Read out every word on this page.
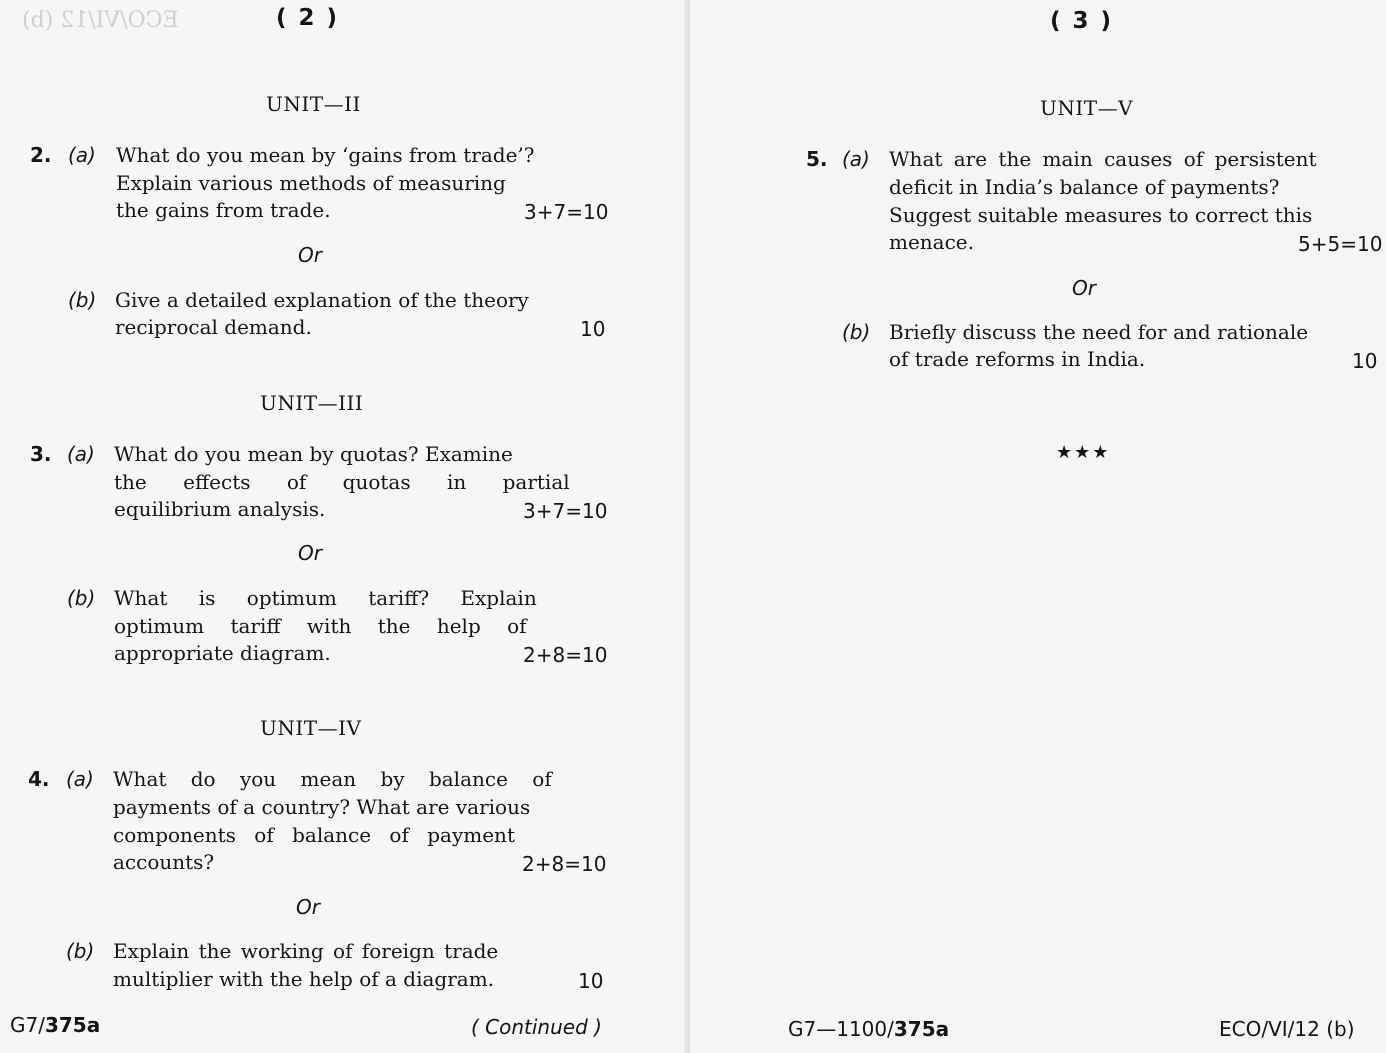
ECO/VI/12 (b)	( 2 )
UNIT—II
2. (a) What do you mean by ‘gains from trade’?
Explain various methods of measuring
the gains from trade.	3+7=10
Or
(b) Give a detailed explanation of the theory
reciprocal demand.	10
UNIT—III
3. (a) What do you mean by quotas? Examine
the effects of quotas in partial
equilibrium analysis.	3+7=10
Or
(b) What is optimum tariff? Explain
optimum tariff with the help of
appropriate diagram.	2+8=10
UNIT—IV
4. (a) What do you mean by balance of
payments of a country? What are various
components of balance of payment
accounts?	2+8=10
Or
(b) Explain the working of foreign trade
multiplier with the help of a diagram.	10
G7/375a	( Continued )
( 3 )
UNIT—V
5. (a) What are the main causes of persistent
deficit in India’s balance of payments?
Suggest suitable measures to correct this
menace.	5+5=10
Or
(b) Briefly discuss the need for and rationale
of trade reforms in India.	10
★★★
G7—1100/375a	ECO/VI/12 (b)
